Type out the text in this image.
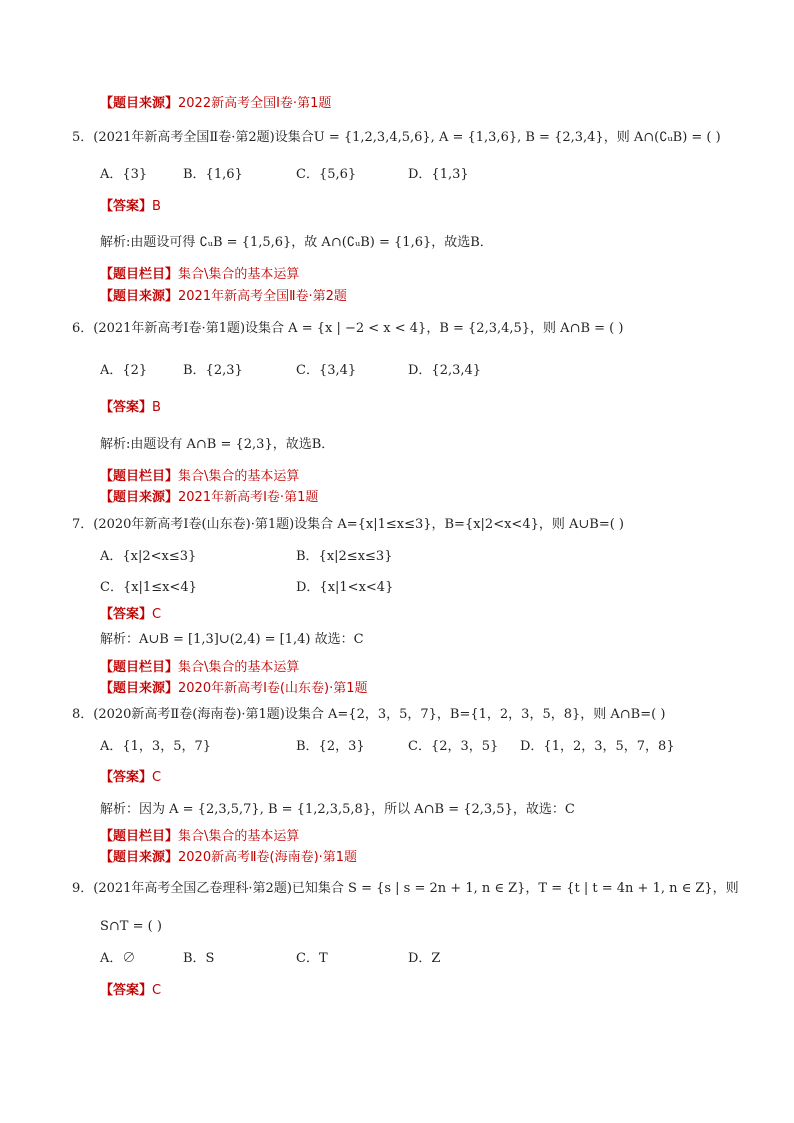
【题目来源】2022新高考全国Ⅰ卷·第1题
5．(2021年新高考全国Ⅱ卷·第2题)设集合U = {1,2,3,4,5,6}, A = {1,3,6}, B = {2,3,4}，则 A∩(∁ᵤB) = ( )
A．{3}	B．{1,6}	C．{5,6}	D．{1,3}
【答案】B
解析:由题设可得 ∁ᵤB = {1,5,6}，故 A∩(∁ᵤB) = {1,6}，故选B．
【题目栏目】集合\集合的基本运算
【题目来源】2021年新高考全国Ⅱ卷·第2题
6．(2021年新高考Ⅰ卷·第1题)设集合 A = {x | −2 < x < 4}，B = {2,3,4,5}，则 A∩B = ( )
A．{2}	B．{2,3}	C．{3,4}	D．{2,3,4}
【答案】B
解析:由题设有 A∩B = {2,3}，故选B．
【题目栏目】集合\集合的基本运算
【题目来源】2021年新高考Ⅰ卷·第1题
7．(2020年新高考Ⅰ卷(山东卷)·第1题)设集合 A={x|1≤x≤3}，B={x|2<x<4}，则 A∪B=( )
A．{x|2<x≤3}	B．{x|2≤x≤3}
C．{x|1≤x<4}	D．{x|1<x<4}
【答案】C
解析：A∪B = [1,3]∪(2,4) = [1,4) 故选：C
【题目栏目】集合\集合的基本运算
【题目来源】2020年新高考Ⅰ卷(山东卷)·第1题
8．(2020新高考Ⅱ卷(海南卷)·第1题)设集合 A={2，3，5，7}，B={1，2，3，5，8}，则 A∩B=( )
A．{1，3，5，7}	B．{2，3}	C．{2，3，5} D．{1，2，3，5，7，8}
【答案】C
解析：因为 A = {2,3,5,7}, B = {1,2,3,5,8}，所以 A∩B = {2,3,5}，故选：C
【题目栏目】集合\集合的基本运算
【题目来源】2020新高考Ⅱ卷(海南卷)·第1题
9．(2021年高考全国乙卷理科·第2题)已知集合 S = {s | s = 2n + 1, n ∈ Z}，T = {t | t = 4n + 1, n ∈ Z}，则
S∩T = ( )
A．∅	B．S	C．T	D．Z
【答案】C
